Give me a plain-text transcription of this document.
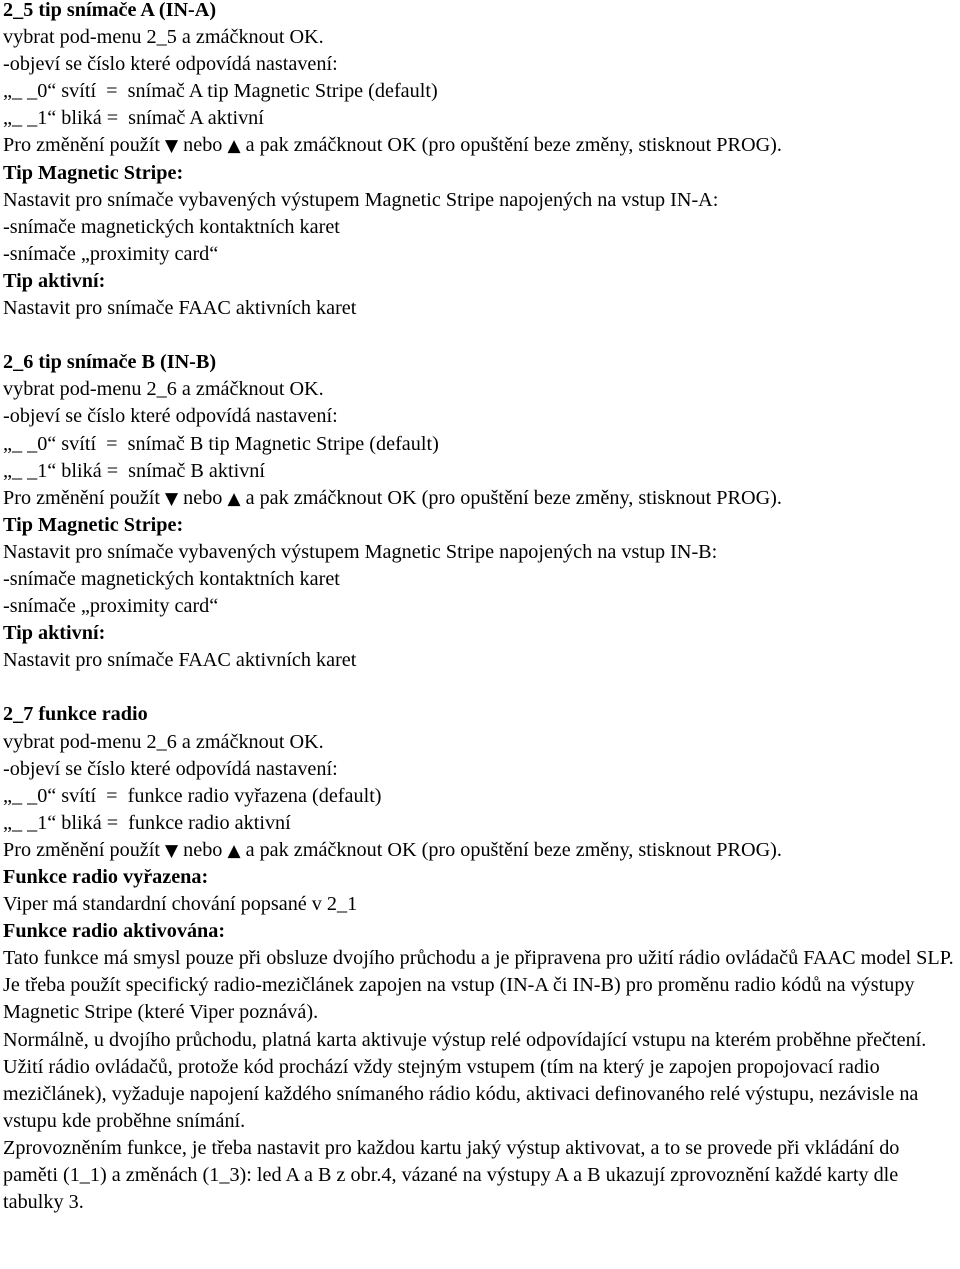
2_5 tip snímače A (IN-A)
vybrat pod-menu 2_5 a zmáčknout OK.
-objeví se číslo které odpovídá nastavení:
„_ _0“ svítí  =  snímač A tip Magnetic Stripe (default)
„_ _1“ bliká =  snímač A aktivní
Pro změnění použít ▼ nebo ▲ a pak zmáčknout OK (pro opuštění beze změny, stisknout PROG).
Tip Magnetic Stripe:
Nastavit pro snímače vybavených výstupem Magnetic Stripe napojených na vstup IN-A:
-snímače magnetických kontaktních karet
-snímače „proximity card“
Tip aktivní:
Nastavit pro snímače FAAC aktivních karet
2_6 tip snímače B (IN-B)
vybrat pod-menu 2_6 a zmáčknout OK.
-objeví se číslo které odpovídá nastavení:
„_ _0“ svítí  =  snímač B tip Magnetic Stripe (default)
„_ _1“ bliká =  snímač B aktivní
Pro změnění použít ▼ nebo ▲ a pak zmáčknout OK (pro opuštění beze změny, stisknout PROG).
Tip Magnetic Stripe:
Nastavit pro snímače vybavených výstupem Magnetic Stripe napojených na vstup IN-B:
-snímače magnetických kontaktních karet
-snímače „proximity card“
Tip aktivní:
Nastavit pro snímače FAAC aktivních karet
2_7 funkce radio
vybrat pod-menu 2_6 a zmáčknout OK.
-objeví se číslo které odpovídá nastavení:
„_ _0“ svítí  =  funkce radio vyřazena (default)
„_ _1“ bliká =  funkce radio aktivní
Pro změnění použít ▼ nebo ▲ a pak zmáčknout OK (pro opuštění beze změny, stisknout PROG).
Funkce radio vyřazena:
Viper má standardní chování popsané v 2_1
Funkce radio aktivována:
Tato funkce má smysl pouze při obsluze dvojího průchodu a je připravena pro užití rádio ovládačů FAAC model SLP.
Je třeba použít specifický radio-mezičlánek zapojen na vstup (IN-A či IN-B) pro proměnu radio kódů na výstupy Magnetic Stripe (které Viper poznává).
Normálně, u dvojího průchodu, platná karta aktivuje výstup relé odpovídající vstupu na kterém proběhne přečtení.
Užití rádio ovládačů, protože kód prochází vždy stejným vstupem (tím na který je zapojen propojovací radio mezičlánek), vyžaduje napojení každého snímaného rádio kódu, aktivaci definovaného relé výstupu, nezávisle na vstupu kde proběhne snímání.
Zprovozněním funkce, je třeba nastavit pro každou kartu jaký výstup aktivovat, a to se provede při vkládání do paměti (1_1) a změnách (1_3): led A a B z obr.4, vázané na výstupy A a B ukazují zprovoznění každé karty dle tabulky 3.
